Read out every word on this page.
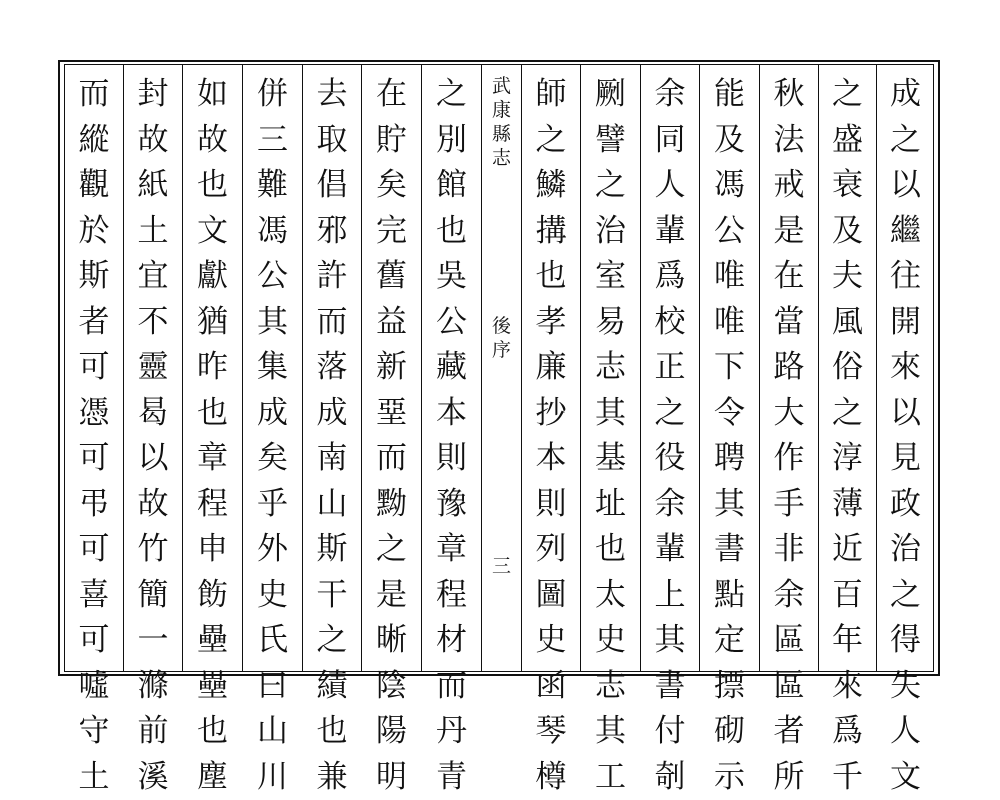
而
縱
觀
於
斯
者
可
憑
可
弔
可
喜
可
噓
守
土
封
故
紙
土
宜
不
靈
曷
以
故
竹
簡
一
滌
前
溪
如
故
也
文
獻
猶
昨
也
章
程
申
飭
壘
壘
也
塵
併
三
難
馮
公
其
集
成
矣
乎
外
史
氏
曰
山
川
去
取
倡
邪
許
而
落
成
南
山
斯
干
之
績
也
兼
在
貯
矣
完
舊
益
新
堊
而
黝
之
是
晰
陰
陽
明
之
別
館
也
吳
公
藏
本
則
豫
章
程
材
而
丹
青
武
康
縣
志
後
序
三
師
之
鱗
搆
也
孝
廉
抄
本
則
列
圖
史
函
琴
樽
劂
譬
之
治
室
易
志
其
基
址
也
太
史
志
其
工
余
同
人
輩
爲
校
正
之
役
余
輩
上
其
書
付
剞
能
及
馮
公
唯
唯
下
令
聘
其
書
點
定
摽
砌
示
秋
法
戒
是
在
當
路
大
作
手
非
余
區
區
者
所
之
盛
衰
及
夫
風
俗
之
淳
薄
近
百
年
來
爲
千
成
之
以
繼
往
開
來
以
見
政
治
之
得
失
人
文
